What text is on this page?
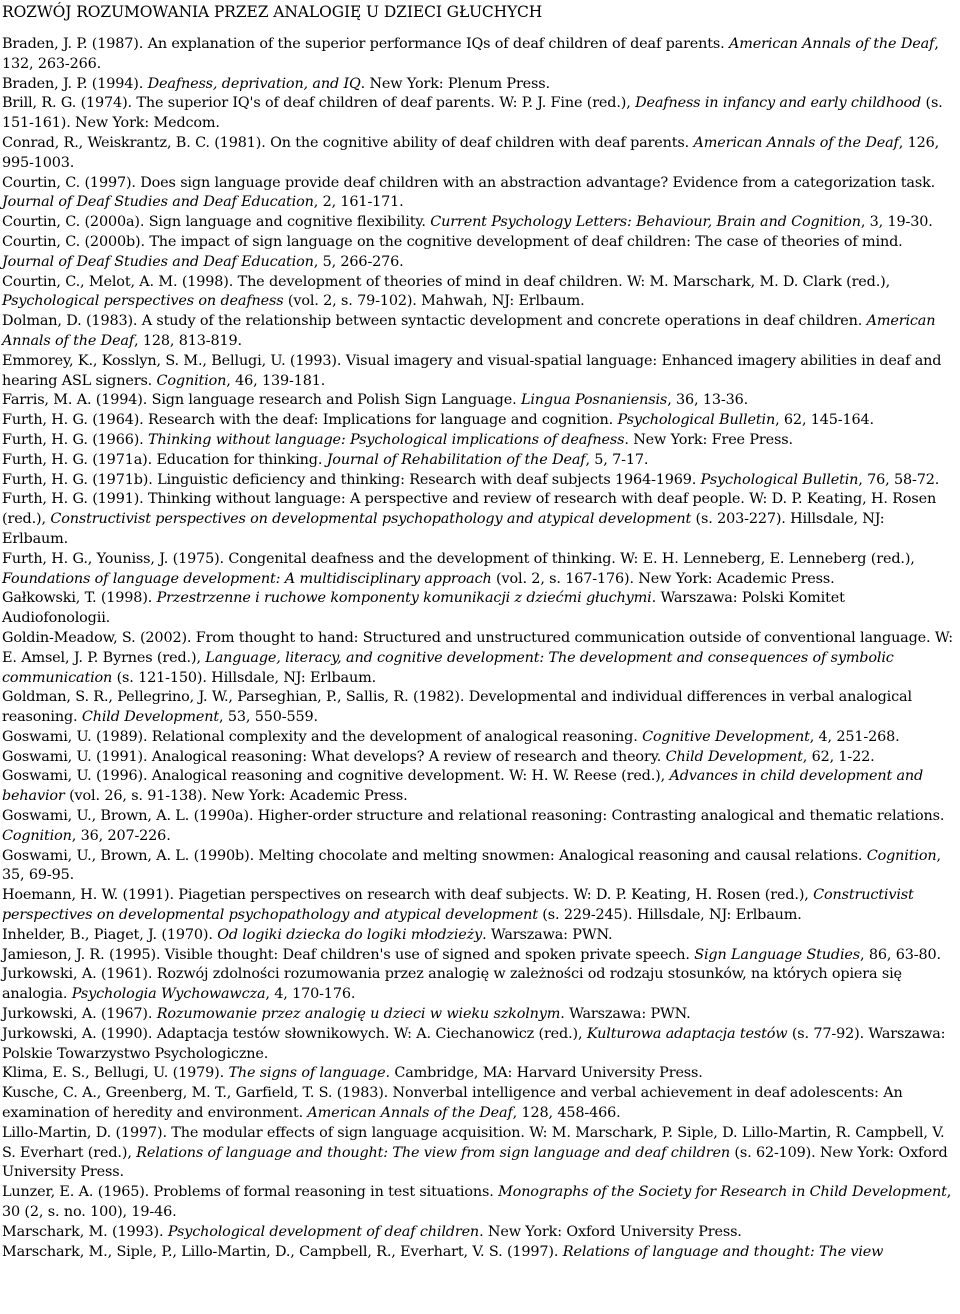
ROZWÓJ ROZUMOWANIA PRZEZ ANALOGIĘ U DZIECI GŁUCHYCH

Braden, J. P. (1987). An explanation of the superior performance IQs of deaf children of deaf parents. American Annals of the Deaf, 132, 263-266.

Braden, J. P. (1994). Deafness, deprivation, and IQ. New York: Plenum Press.

Brill, R. G. (1974). The superior IQ's of deaf children of deaf parents. W: P. J. Fine (red.), Deafness in infancy and early childhood (s. 151-161). New York: Medcom.

Conrad, R., Weiskrantz, B. C. (1981). On the cognitive ability of deaf children with deaf parents. American Annals of the Deaf, 126, 995-1003.

Courtin, C. (1997). Does sign language provide deaf children with an abstraction advantage? Evidence from a categorization task. Journal of Deaf Studies and Deaf Education, 2, 161-171.

Courtin, C. (2000a). Sign language and cognitive flexibility. Current Psychology Letters: Behaviour, Brain and Cognition, 3, 19-30.

Courtin, C. (2000b). The impact of sign language on the cognitive development of deaf children: The case of theories of mind. Journal of Deaf Studies and Deaf Education, 5, 266-276.

Courtin, C., Melot, A. M. (1998). The development of theories of mind in deaf children. W: M. Marschark, M. D. Clark (red.), Psychological perspectives on deafness (vol. 2, s. 79-102). Mahwah, NJ: Erlbaum.

Dolman, D. (1983). A study of the relationship between syntactic development and concrete operations in deaf children. American Annals of the Deaf, 128, 813-819.

Emmorey, K., Kosslyn, S. M., Bellugi, U. (1993). Visual imagery and visual-spatial language: Enhanced imagery abilities in deaf and hearing ASL signers. Cognition, 46, 139-181.

Farris, M. A. (1994). Sign language research and Polish Sign Language. Lingua Posnaniensis, 36, 13-36.

Furth, H. G. (1964). Research with the deaf: Implications for language and cognition. Psychological Bulletin, 62, 145-164.

Furth, H. G. (1966). Thinking without language: Psychological implications of deafness. New York: Free Press.

Furth, H. G. (1971a). Education for thinking. Journal of Rehabilitation of the Deaf, 5, 7-17.

Furth, H. G. (1971b). Linguistic deficiency and thinking: Research with deaf subjects 1964-1969. Psychological Bulletin, 76, 58-72.

Furth, H. G. (1991). Thinking without language: A perspective and review of research with deaf people. W: D. P. Keating, H. Rosen (red.), Constructivist perspectives on developmental psychopathology and atypical development (s. 203-227). Hillsdale, NJ: Erlbaum.

Furth, H. G., Youniss, J. (1975). Congenital deafness and the development of thinking. W: E. H. Lenneberg, E. Lenneberg (red.), Foundations of language development: A multidisciplinary approach (vol. 2, s. 167-176). New York: Academic Press.

Gałkowski, T. (1998). Przestrzenne i ruchowe komponenty komunikacji z dziećmi głuchymi. Warszawa: Polski Komitet Audiofonologii.

Goldin-Meadow, S. (2002). From thought to hand: Structured and unstructured communication outside of conventional language. W: E. Amsel, J. P. Byrnes (red.), Language, literacy, and cognitive development: The development and consequences of symbolic communication (s. 121-150). Hillsdale, NJ: Erlbaum.

Goldman, S. R., Pellegrino, J. W., Parseghian, P., Sallis, R. (1982). Developmental and individual differences in verbal analogical reasoning. Child Development, 53, 550-559.

Goswami, U. (1989). Relational complexity and the development of analogical reasoning. Cognitive Development, 4, 251-268.

Goswami, U. (1991). Analogical reasoning: What develops? A review of research and theory. Child Development, 62, 1-22.

Goswami, U. (1996). Analogical reasoning and cognitive development. W: H. W. Reese (red.), Advances in child development and behavior (vol. 26, s. 91-138). New York: Academic Press.

Goswami, U., Brown, A. L. (1990a). Higher-order structure and relational reasoning: Contrasting analogical and thematic relations. Cognition, 36, 207-226.

Goswami, U., Brown, A. L. (1990b). Melting chocolate and melting snowmen: Analogical reasoning and causal relations. Cognition, 35, 69-95.

Hoemann, H. W. (1991). Piagetian perspectives on research with deaf subjects. W: D. P. Keating, H. Rosen (red.), Constructivist perspectives on developmental psychopathology and atypical development (s. 229-245). Hillsdale, NJ: Erlbaum.

Inhelder, B., Piaget, J. (1970). Od logiki dziecka do logiki młodzieży. Warszawa: PWN.

Jamieson, J. R. (1995). Visible thought: Deaf children's use of signed and spoken private speech. Sign Language Studies, 86, 63-80.

Jurkowski, A. (1961). Rozwój zdolności rozumowania przez analogię w zależności od rodzaju stosunków, na których opiera się analogia. Psychologia Wychowawcza, 4, 170-176.

Jurkowski, A. (1967). Rozumowanie przez analogię u dzieci w wieku szkolnym. Warszawa: PWN.

Jurkowski, A. (1990). Adaptacja testów słownikowych. W: A. Ciechanowicz (red.), Kulturowa adaptacja testów (s. 77-92). Warszawa: Polskie Towarzystwo Psychologiczne.

Klima, E. S., Bellugi, U. (1979). The signs of language. Cambridge, MA: Harvard University Press.

Kusche, C. A., Greenberg, M. T., Garfield, T. S. (1983). Nonverbal intelligence and verbal achievement in deaf adolescents: An examination of heredity and environment. American Annals of the Deaf, 128, 458-466.

Lillo-Martin, D. (1997). The modular effects of sign language acquisition. W: M. Marschark, P. Siple, D. Lillo-Martin, R. Campbell, V. S. Everhart (red.), Relations of language and thought: The view from sign language and deaf children (s. 62-109). New York: Oxford University Press.

Lunzer, E. A. (1965). Problems of formal reasoning in test situations. Monographs of the Society for Research in Child Development, 30 (2, s. no. 100), 19-46.

Marschark, M. (1993). Psychological development of deaf children. New York: Oxford University Press.

Marschark, M., Siple, P., Lillo-Martin, D., Campbell, R., Everhart, V. S. (1997). Relations of language and thought: The view
